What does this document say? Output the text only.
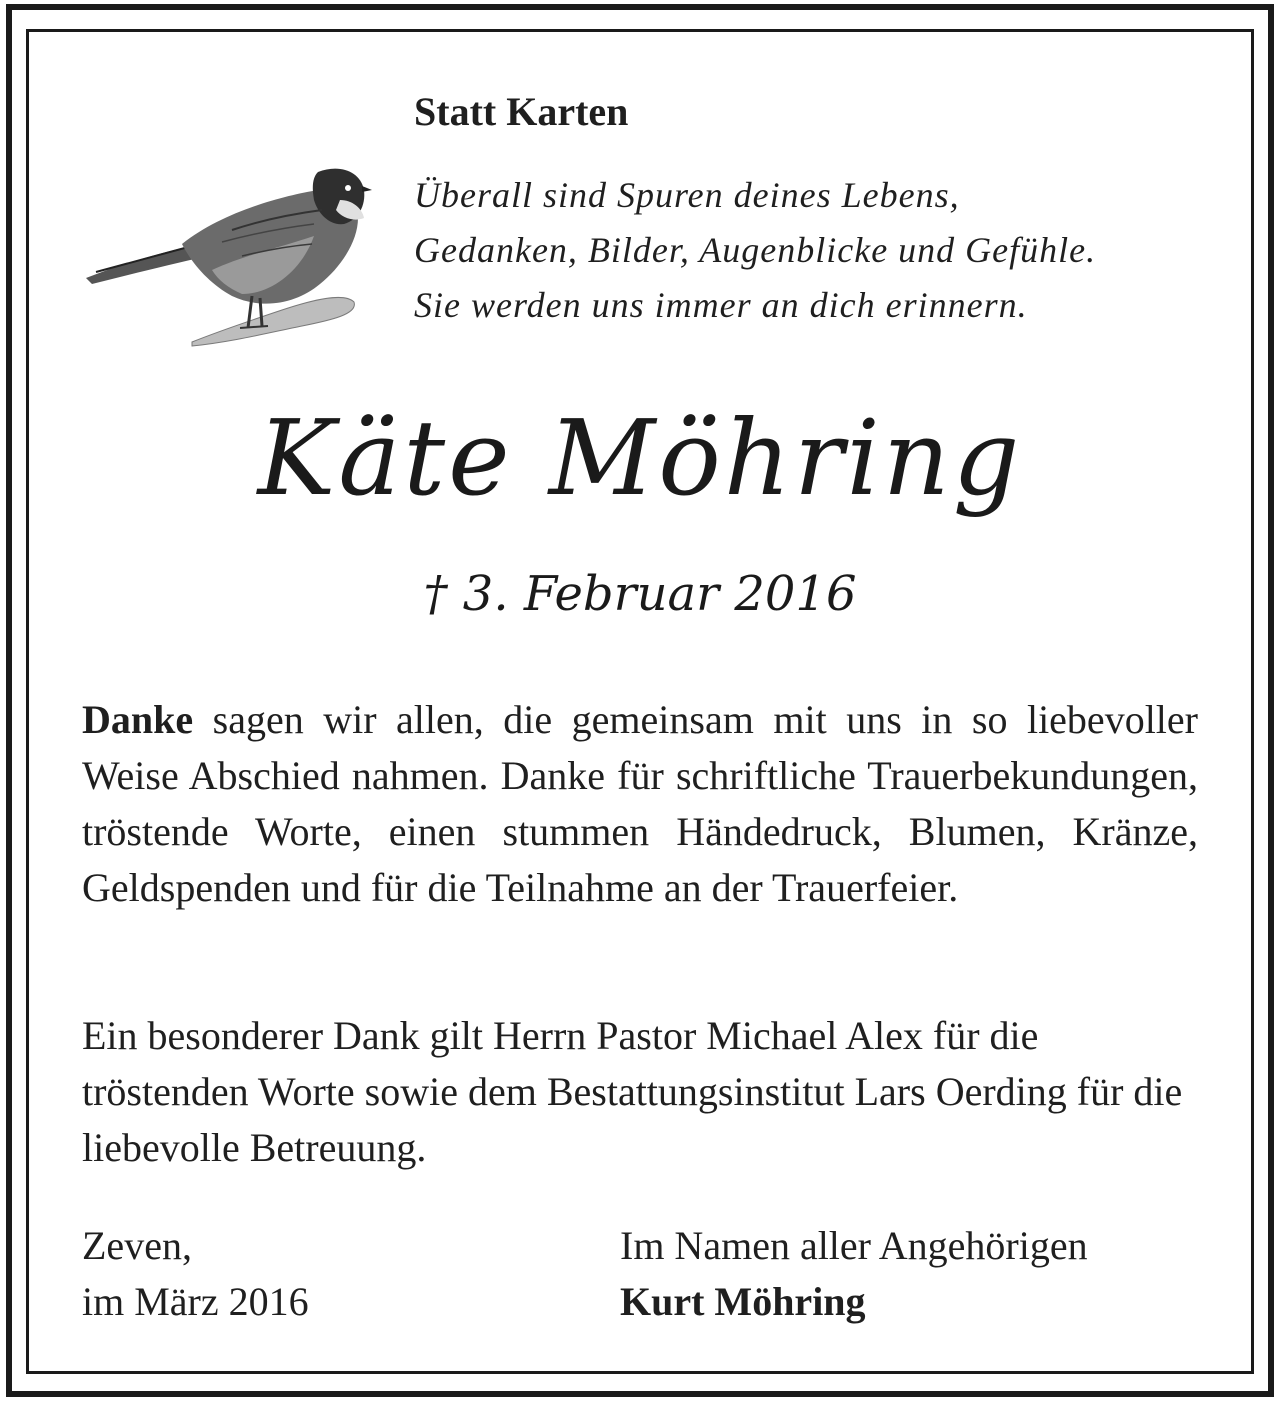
Statt Karten
Überall sind Spuren deines Lebens,
Gedanken, Bilder, Augenblicke und Gefühle.
Sie werden uns immer an dich erinnern.
Käte Möhring
† 3. Februar 2016

Danke sagen wir allen, die gemeinsam mit uns in so liebevoller Weise Abschied nahmen. Danke für schriftliche Trauerbekundungen, tröstende Worte, einen stummen Händedruck, Blumen, Kränze, Geldspenden und für die Teilnahme an der Trauerfeier.

Ein besonderer Dank gilt Herrn Pastor Michael Alex für die tröstenden Worte sowie dem Bestattungsinstitut Lars Oerding für die liebevolle Betreuung.

Zeven,
im März 2016
Im Namen aller Angehörigen
Kurt Möhring
